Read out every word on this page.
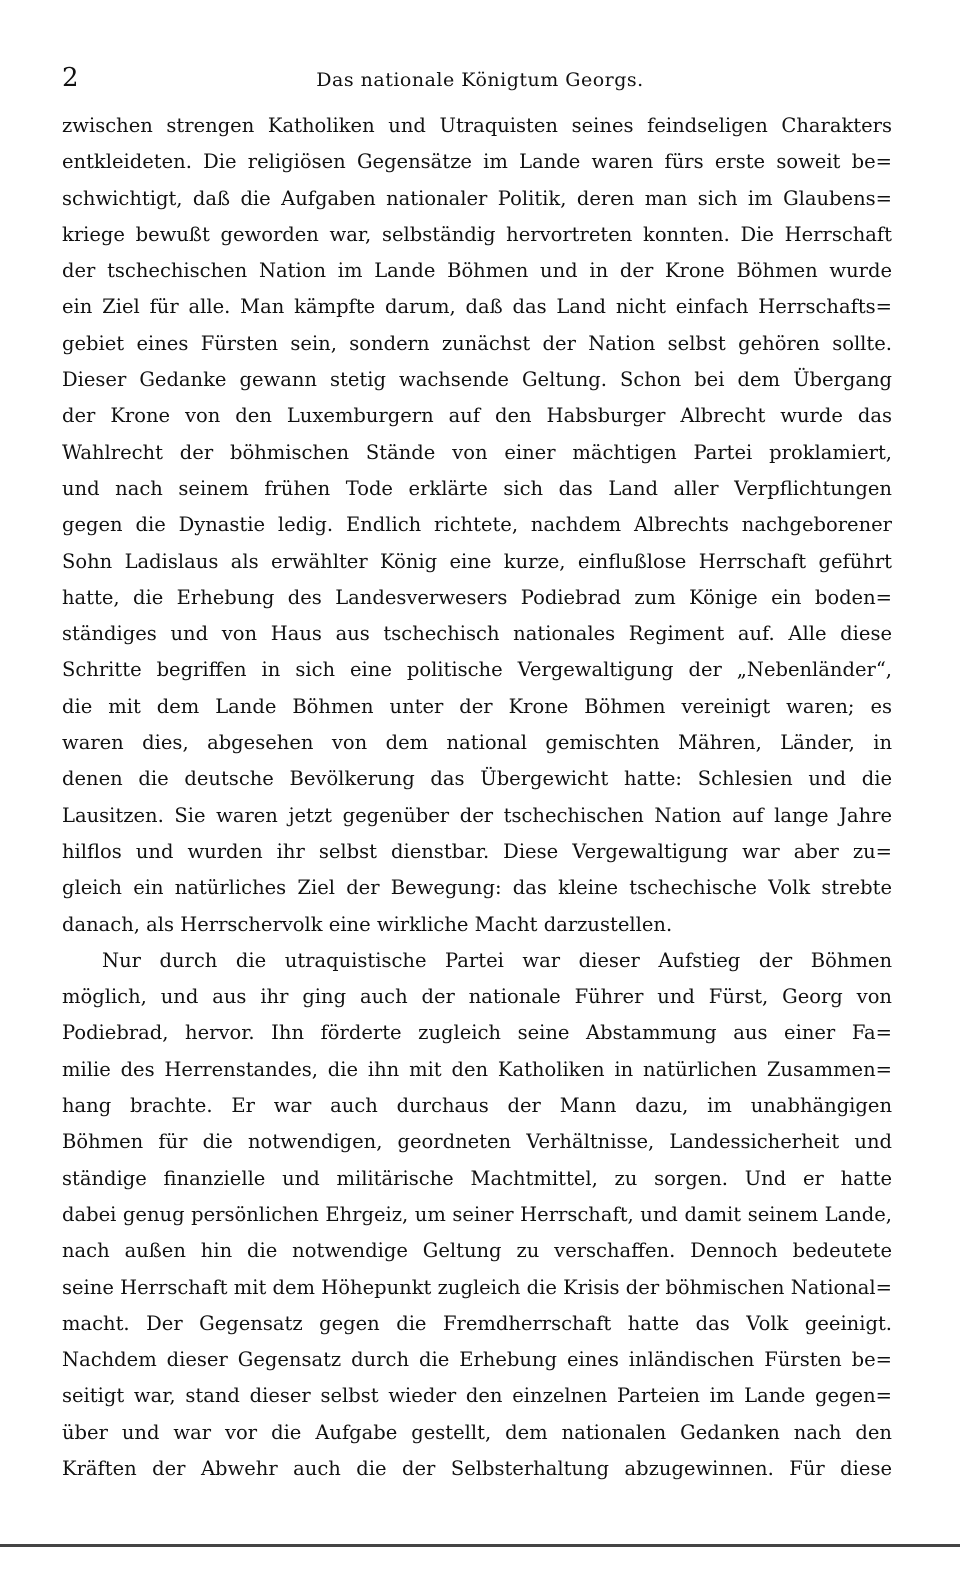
2	Das nationale Königtum Georgs.
zwischen strengen Katholiken und Utraquisten seines feindseligen Charakters
entkleideten. Die religiösen Gegensätze im Lande waren fürs erste soweit be=
schwichtigt, daß die Aufgaben nationaler Politik, deren man sich im Glaubens=
kriege bewußt geworden war, selbständig hervortreten konnten. Die Herrschaft
der tschechischen Nation im Lande Böhmen und in der Krone Böhmen wurde
ein Ziel für alle. Man kämpfte darum, daß das Land nicht einfach Herrschafts=
gebiet eines Fürsten sein, sondern zunächst der Nation selbst gehören sollte.
Dieser Gedanke gewann stetig wachsende Geltung. Schon bei dem Übergang
der Krone von den Luxemburgern auf den Habsburger Albrecht wurde das
Wahlrecht der böhmischen Stände von einer mächtigen Partei proklamiert,
und nach seinem frühen Tode erklärte sich das Land aller Verpflichtungen
gegen die Dynastie ledig. Endlich richtete, nachdem Albrechts nachgeborener
Sohn Ladislaus als erwählter König eine kurze, einflußlose Herrschaft geführt
hatte, die Erhebung des Landesverwesers Podiebrad zum Könige ein boden=
ständiges und von Haus aus tschechisch nationales Regiment auf. Alle diese
Schritte begriffen in sich eine politische Vergewaltigung der „Nebenländer“,
die mit dem Lande Böhmen unter der Krone Böhmen vereinigt waren; es
waren dies, abgesehen von dem national gemischten Mähren, Länder, in
denen die deutsche Bevölkerung das Übergewicht hatte: Schlesien und die
Lausitzen. Sie waren jetzt gegenüber der tschechischen Nation auf lange Jahre
hilflos und wurden ihr selbst dienstbar. Diese Vergewaltigung war aber zu=
gleich ein natürliches Ziel der Bewegung: das kleine tschechische Volk strebte
danach, als Herrschervolk eine wirkliche Macht darzustellen.
Nur durch die utraquistische Partei war dieser Aufstieg der Böhmen
möglich, und aus ihr ging auch der nationale Führer und Fürst, Georg von
Podiebrad, hervor. Ihn förderte zugleich seine Abstammung aus einer Fa=
milie des Herrenstandes, die ihn mit den Katholiken in natürlichen Zusammen=
hang brachte. Er war auch durchaus der Mann dazu, im unabhängigen
Böhmen für die notwendigen, geordneten Verhältnisse, Landessicherheit und
ständige finanzielle und militärische Machtmittel, zu sorgen. Und er hatte
dabei genug persönlichen Ehrgeiz, um seiner Herrschaft, und damit seinem Lande,
nach außen hin die notwendige Geltung zu verschaffen. Dennoch bedeutete
seine Herrschaft mit dem Höhepunkt zugleich die Krisis der böhmischen National=
macht. Der Gegensatz gegen die Fremdherrschaft hatte das Volk geeinigt.
Nachdem dieser Gegensatz durch die Erhebung eines inländischen Fürsten be=
seitigt war, stand dieser selbst wieder den einzelnen Parteien im Lande gegen=
über und war vor die Aufgabe gestellt, dem nationalen Gedanken nach den
Kräften der Abwehr auch die der Selbsterhaltung abzugewinnen. Für diese
